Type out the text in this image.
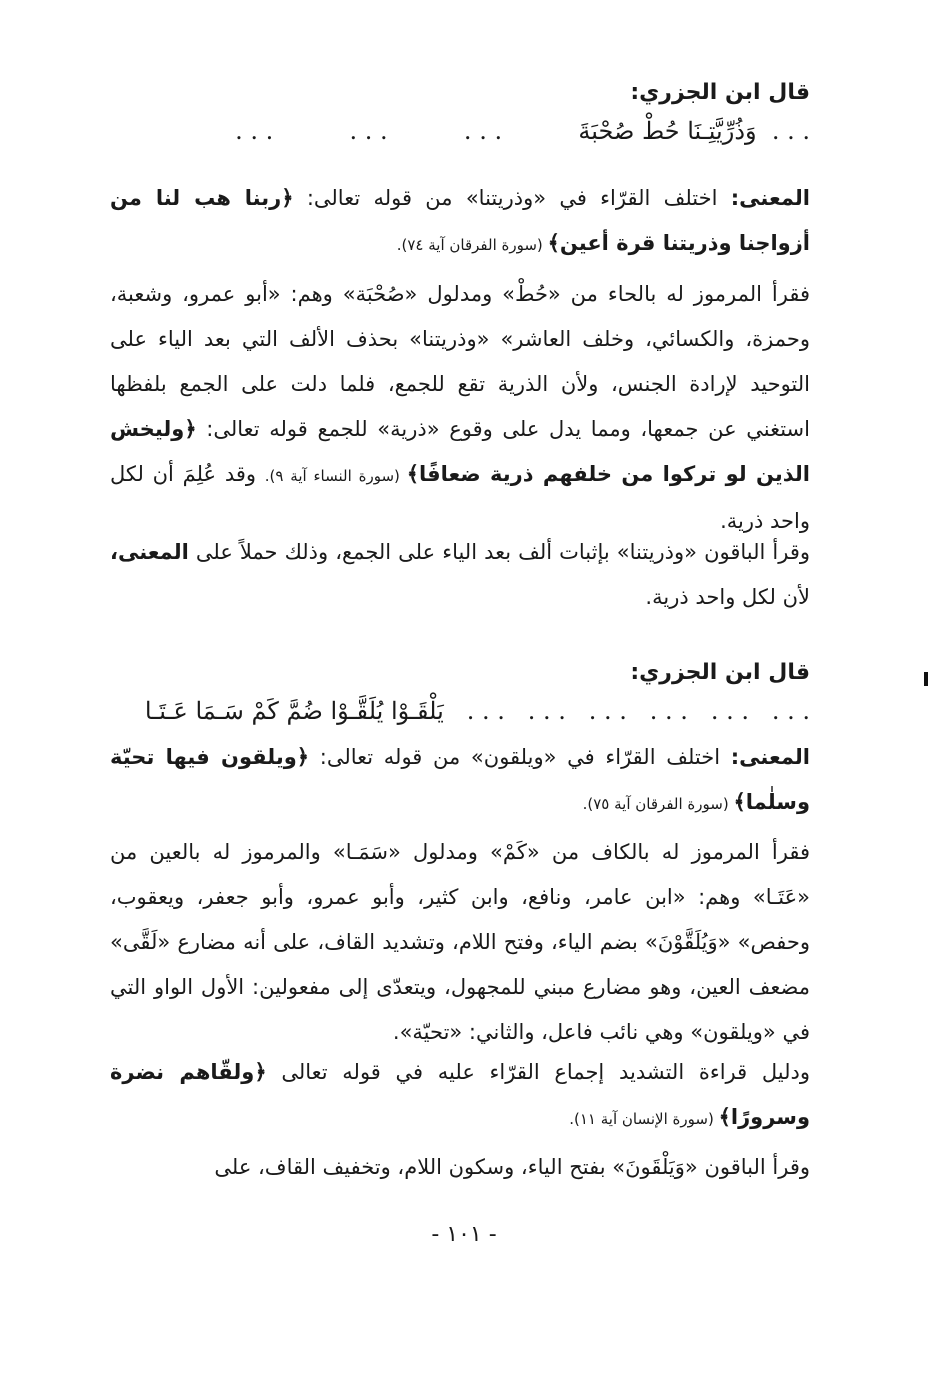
قال ابن الجزري:
. . .  وَذُرِّيَّتِـنَا حُطْ صُحْبَةَ          . . .          . . .          . . .
المعنى: اختلف القرّاء في «وذريتنا» من قوله تعالى: ﴿ربنا هب لنا من أزواجنا وذريتنا قرة أعين﴾ (سورة الفرقان آية ٧٤).
فقرأ المرموز له بالحاء من «حُطْ» ومدلول «صُحْبَة» وهم: «أبو عمرو، وشعبة، وحمزة، والكسائي، وخلف العاشر» «وذريتنا» بحذف الألف التي بعد الياء على التوحيد لإرادة الجنس، ولأن الذرية تقع للجمع، فلما دلت على الجمع بلفظها استغني عن جمعها، ومما يدل على وقوع «ذرية» للجمع قوله تعالى: ﴿وليخش الذين لو تركوا من خلفهم ذرية ضعافًا﴾ (سورة النساء آية ٩). وقد عُلِمَ أن لكل واحد ذرية.
وقرأ الباقون «وذريتنا» بإثبات ألف بعد الياء على الجمع، وذلك حملاً على المعنى، لأن لكل واحد ذرية.
قال ابن الجزري:
. . .   . . .   . . .   . . .   . . .   . . .   يَلْقَـوْا يُلَقَّـوْا ضُمَّ كَمْ سَـمَا عَـتَـا
المعنى: اختلف القرّاء في «ويلقون» من قوله تعالى: ﴿ويلقون فيها تحيّة وسلٰما﴾ (سورة الفرقان آية ٧٥).
فقرأ المرموز له بالكاف من «كَمْ» ومدلول «سَمَـا» والمرموز له بالعين من «عَتَـا» وهم: «ابن عامر، ونافع، وابن كثير، وأبو عمرو، وأبو جعفر، ويعقوب، وحفص» «وَيُلَقَّوْنَ» بضم الياء، وفتح اللام، وتشديد القاف، على أنه مضارع «لَقَّى» مضعف العين، وهو مضارع مبني للمجهول، ويتعدّى إلى مفعولين: الأول الواو التي في «ويلقون» وهي نائب فاعل، والثاني: «تحيّة».
ودليل قراءة التشديد إجماع القرّاء عليه في قوله تعالى ﴿ولقّاهم نضرة وسرورًا﴾ (سورة الإنسان آية ١١).
وقرأ الباقون «وَيَلْقَونَ» بفتح الياء، وسكون اللام، وتخفيف القاف، على
- ١٠١ -
